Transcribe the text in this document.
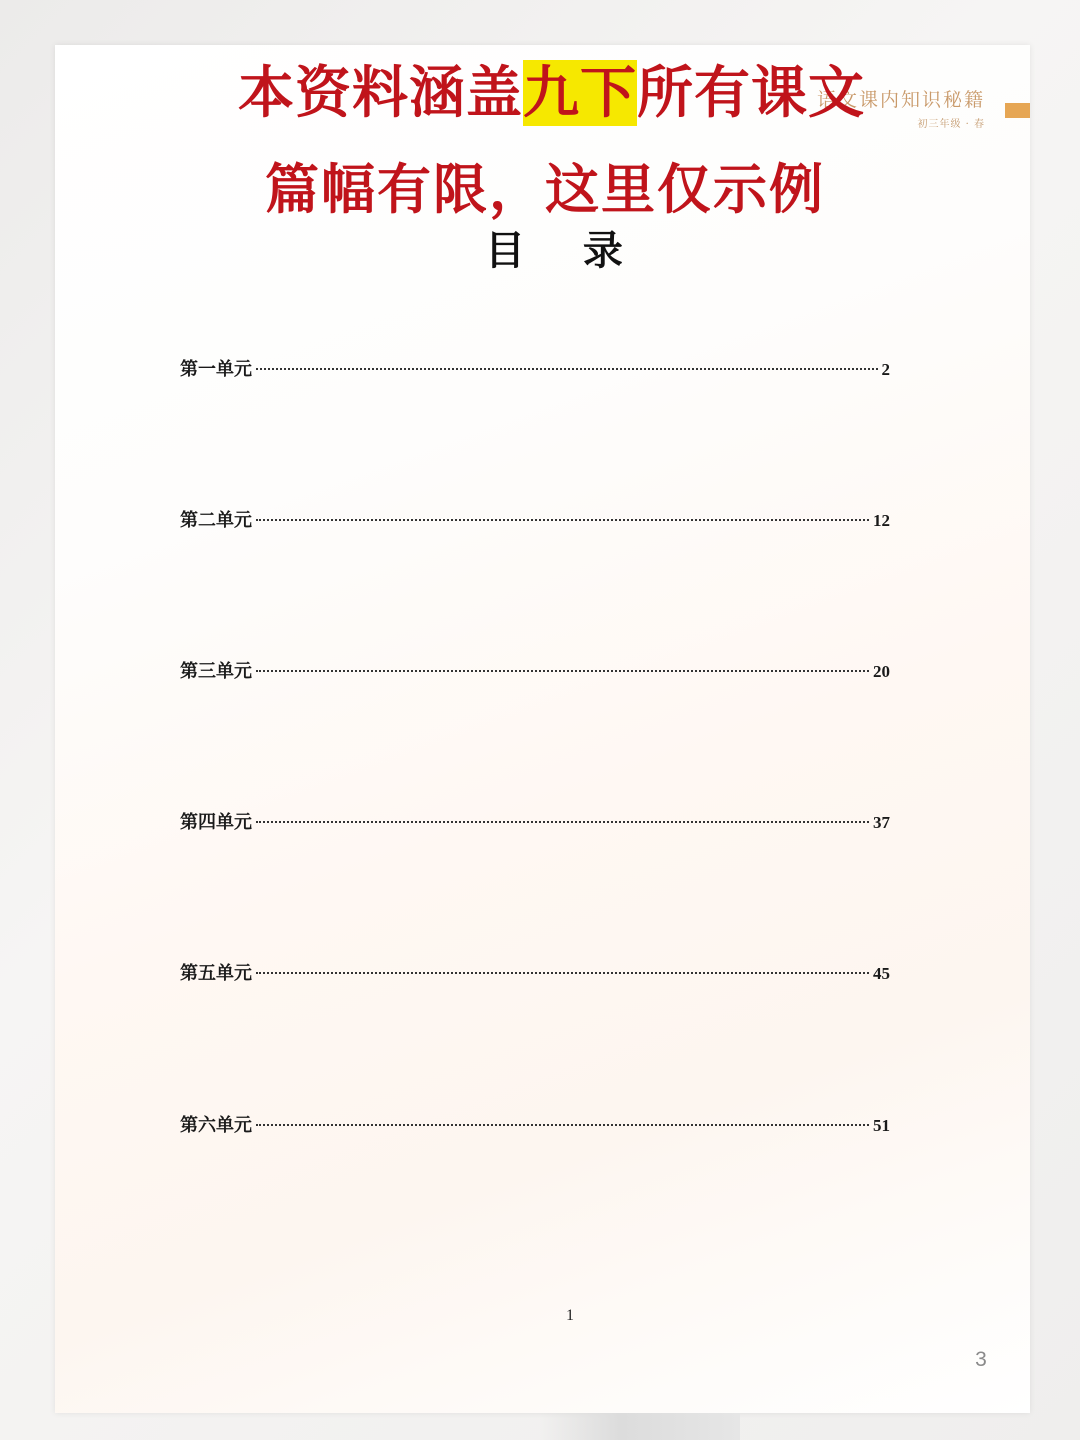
语文课内知识秘籍
初三年级 · 春
本资料涵盖九下所有课文
篇幅有限，这里仅示例
目 录
第一单元	2
第二单元	12
第三单元	20
第四单元	37
第五单元	45
第六单元	51
1
3
